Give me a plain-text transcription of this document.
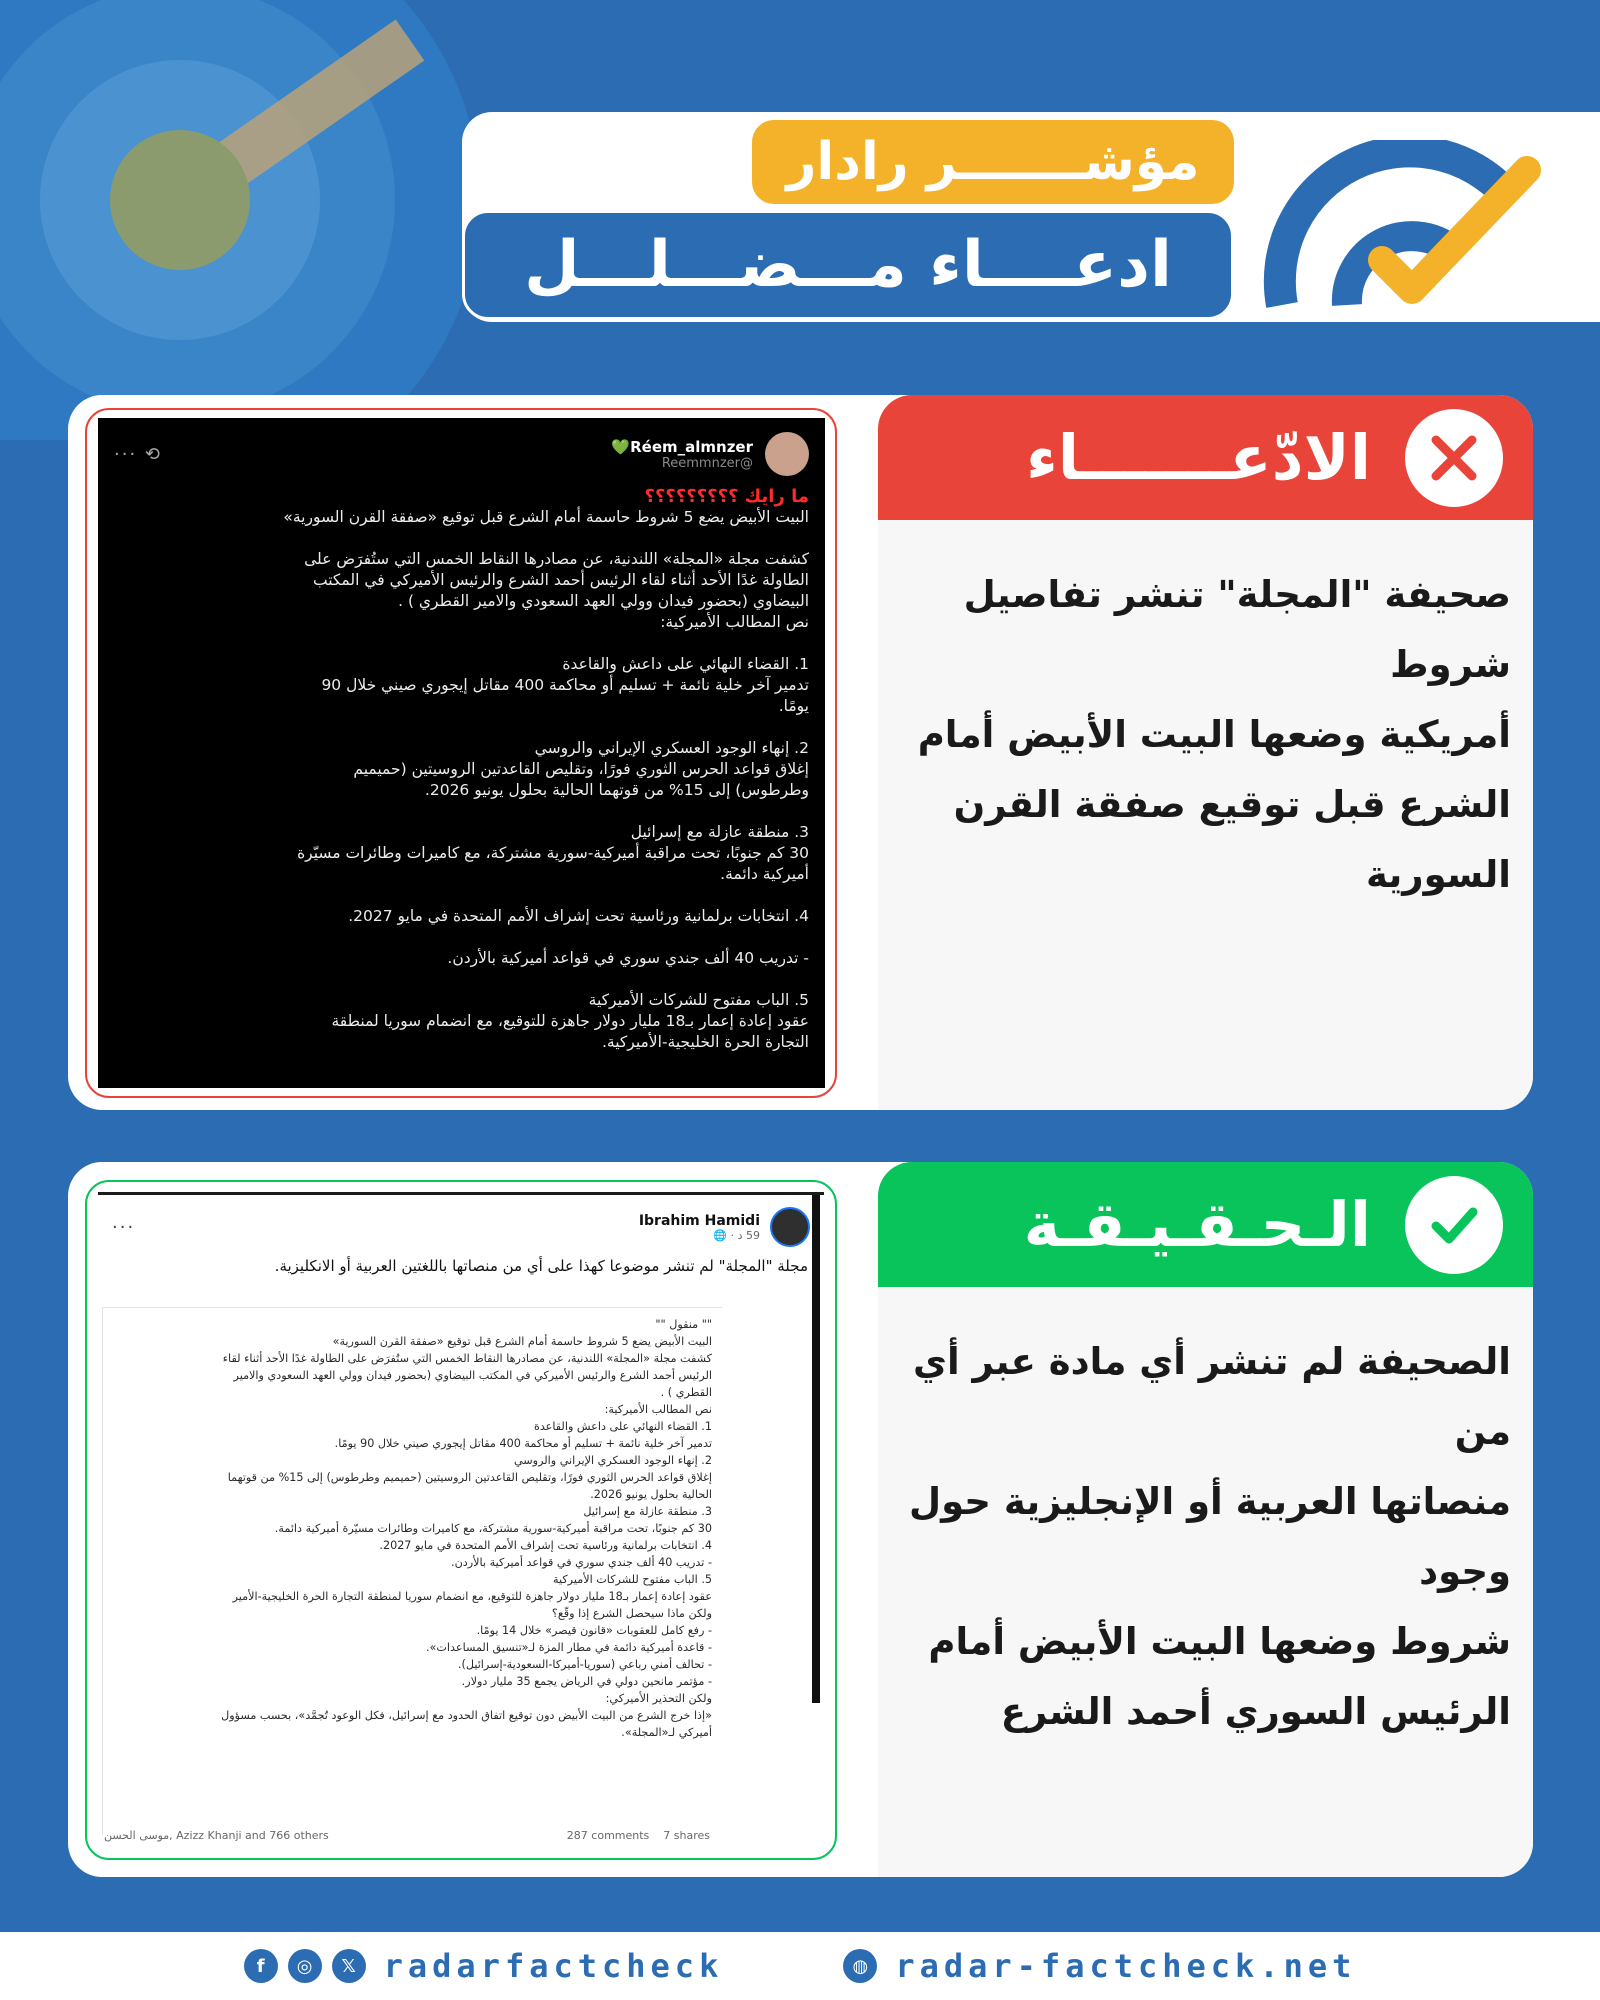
مؤشـــــــر رادار
ادعــــاء مـــضـــلـــل
الادّعـــــــاء
صحيفة "المجلة" تنشر تفاصيل شروط
أمريكية وضعها البيت الأبيض أمام
الشرع قبل توقيع صفقة القرن السورية
Réem_almnzer💚
@Reemmnzer
⟲ ···
ما رايك ؟؟؟؟؟؟؟؟؟
البيت الأبيض يضع 5 شروط حاسمة أمام الشرع قبل توقيع «صفقة القرن السورية»
كشفت مجلة «المجلة» اللندنية، عن مصادرها النقاط الخمس التي ستُفرَض على
الطاولة غدًا الأحد أثناء لقاء الرئيس أحمد الشرع والرئيس الأميركي في المكتب
البيضاوي (بحضور فيدان وولي العهد السعودي والامير القطري ) .
نص المطالب الأميركية:
1. القضاء النهائي على داعش والقاعدة
تدمير آخر خلية نائمة + تسليم أو محاكمة 400 مقاتل إيجوري صيني خلال 90
يومًا.
2. إنهاء الوجود العسكري الإيراني والروسي
إغلاق قواعد الحرس الثوري فورًا، وتقليص القاعدتين الروسيتين (حميميم
وطرطوس) إلى 15% من قوتهما الحالية بحلول يونيو 2026.
3. منطقة عازلة مع إسرائيل
30 كم جنوبًا، تحت مراقبة أميركية-سورية مشتركة، مع كاميرات وطائرات مسيّرة
أميركية دائمة.
4. انتخابات برلمانية ورئاسية تحت إشراف الأمم المتحدة في مايو 2027.
- تدريب 40 ألف جندي سوري في قواعد أميركية بالأردن.
5. الباب مفتوح للشركات الأميركية
عقود إعادة إعمار بـ18 مليار دولار جاهزة للتوقيع، مع انضمام سوريا لمنطقة
التجارة الحرة الخليجية-الأميركية.
الـحـقـيـقـة
الصحيفة لم تنشر أي مادة عبر أي من
منصاتها العربية أو الإنجليزية حول وجود
شروط وضعها البيت الأبيض أمام
الرئيس السوري أحمد الشرع
Ibrahim Hamidi
59 د · 🌐
···
مجلة "المجلة" لم تنشر موضوعا كهذا على أي من منصاتها باللغتين العربية أو الانكليزية.
"" منقول ""
البيت الأبيض يضع 5 شروط حاسمة أمام الشرع قبل توقيع «صفقة القرن السورية»
كشفت مجلة «المجلة» اللندنية، عن مصادرها النقاط الخمس التي ستُفرَض على الطاولة غدًا الأحد أثناء لقاء
الرئيس أحمد الشرع والرئيس الأميركي في المكتب البيضاوي (بحضور فيدان وولي العهد السعودي والامير
القطري ) .
نص المطالب الأميركية:
1. القضاء النهائي على داعش والقاعدة
تدمير آخر خلية نائمة + تسليم أو محاكمة 400 مقاتل إيجوري صيني خلال 90 يومًا.
2. إنهاء الوجود العسكري الإيراني والروسي
إغلاق قواعد الحرس الثوري فورًا، وتقليص القاعدتين الروسيتين (حميميم وطرطوس) إلى 15% من قوتهما
الحالية بحلول يونيو 2026.
3. منطقة عازلة مع إسرائيل
30 كم جنوبًا، تحت مراقبة أميركية-سورية مشتركة، مع كاميرات وطائرات مسيّرة أميركية دائمة.
4. انتخابات برلمانية ورئاسية تحت إشراف الأمم المتحدة في مايو 2027.
- تدريب 40 ألف جندي سوري في قواعد أميركية بالأردن.
5. الباب مفتوح للشركات الأميركية
عقود إعادة إعمار بـ18 مليار دولار جاهزة للتوقيع، مع انضمام سوريا لمنطقة التجارة الحرة الخليجية-الأمير
ولكن ماذا سيحصل الشرع إذا وقّع؟
- رفع كامل للعقوبات «قانون قيصر» خلال 14 يومًا.
- قاعدة أميركية دائمة في مطار المزة لـ«تنسيق المساعدات».
- تحالف أمني رباعي (سوريا-أميركا-السعودية-إسرائيل).
- مؤتمر مانحين دولي في الرياض يجمع 35 مليار دولار.
ولكن التحذير الأميركي:
«إذا خرج الشرع من البيت الأبيض دون توقيع اتفاق الحدود مع إسرائيل، فكل الوعود تُجمَّد»، بحسب مسؤول
أميركي لـ«المجلة».
موسى الحسن, Azizz Khanji and 766 others	287 comments 7 shares
f	◎	𝕏 radarfactcheck	◍ radar-factcheck.net
